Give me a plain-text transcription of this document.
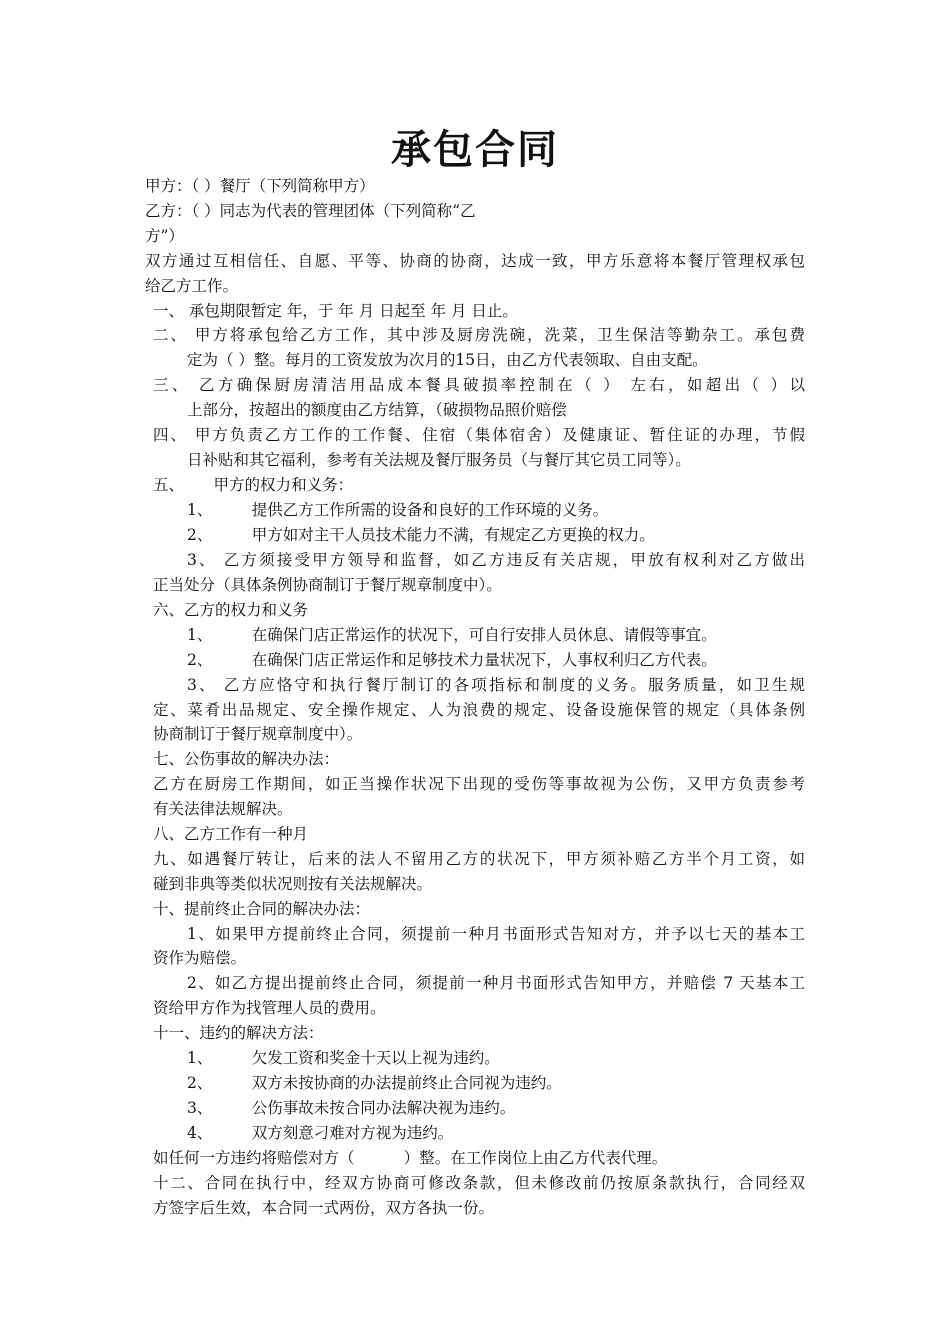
承包合同
甲方：（ ）餐厅（下列简称甲方）
乙方：（ ）同志为代表的管理团体（下列简称“乙
方”）
双方通过互相信任、自愿、平等、协商的协商，达成一致，甲方乐意将本餐厅管理权承包
给乙方工作。
一、 承包期限暂定 年，于 年 月 日起至 年 月 日止。
二、 甲方将承包给乙方工作，其中涉及厨房洗碗，洗菜，卫生保洁等勤杂工。承包费
定为（ ）整。每月的工资发放为次月的15日，由乙方代表领取、自由支配。
三、 乙方确保厨房清洁用品成本餐具破损率控制在（ ） 左右，如超出（ ）以
上部分，按超出的额度由乙方结算，（破损物品照价赔偿
四、 甲方负责乙方工作的工作餐、住宿（集体宿舍）及健康证、暂住证的办理，节假
日补贴和其它福利，参考有关法规及餐厅服务员（与餐厅其它员工同等）。
五、      甲方的权力和义务：
1、        提供乙方工作所需的设备和良好的工作环境的义务。
2、        甲方如对主干人员技术能力不满，有规定乙方更换的权力。
3、 乙方须接受甲方领导和监督，如乙方违反有关店规，甲放有权利对乙方做出
正当处分（具体条例协商制订于餐厅规章制度中）。
六、乙方的权力和义务
1、        在确保门店正常运作的状况下，可自行安排人员休息、请假等事宜。
2、        在确保门店正常运作和足够技术力量状况下，人事权利归乙方代表。
3、 乙方应恪守和执行餐厅制订的各项指标和制度的义务。服务质量，如卫生规
定、菜肴出品规定、安全操作规定、人为浪费的规定、设备设施保管的规定（具体条例
协商制订于餐厅规章制度中）。
七、公伤事故的解决办法：
乙方在厨房工作期间，如正当操作状况下出现的受伤等事故视为公伤，又甲方负责参考
有关法律法规解决。
八、乙方工作有一种月
九、如遇餐厅转让，后来的法人不留用乙方的状况下，甲方须补赔乙方半个月工资，如
碰到非典等类似状况则按有关法规解决。
十、提前终止合同的解决办法：
1、如果甲方提前终止合同，须提前一种月书面形式告知对方，并予以七天的基本工
资作为赔偿。
2、如乙方提出提前终止合同，须提前一种月书面形式告知甲方，并赔偿 7 天基本工
资给甲方作为找管理人员的费用。
十一、违约的解决方法：
1、        欠发工资和奖金十天以上视为违约。
2、        双方未按协商的办法提前终止合同视为违约。
3、        公伤事故未按合同办法解决视为违约。
4、        双方刻意刁难对方视为违约。
如任何一方违约将赔偿对方（          ）整。在工作岗位上由乙方代表代理。
十二、合同在执行中，经双方协商可修改条款，但未修改前仍按原条款执行，合同经双
方签字后生效，本合同一式两份，双方各执一份。
